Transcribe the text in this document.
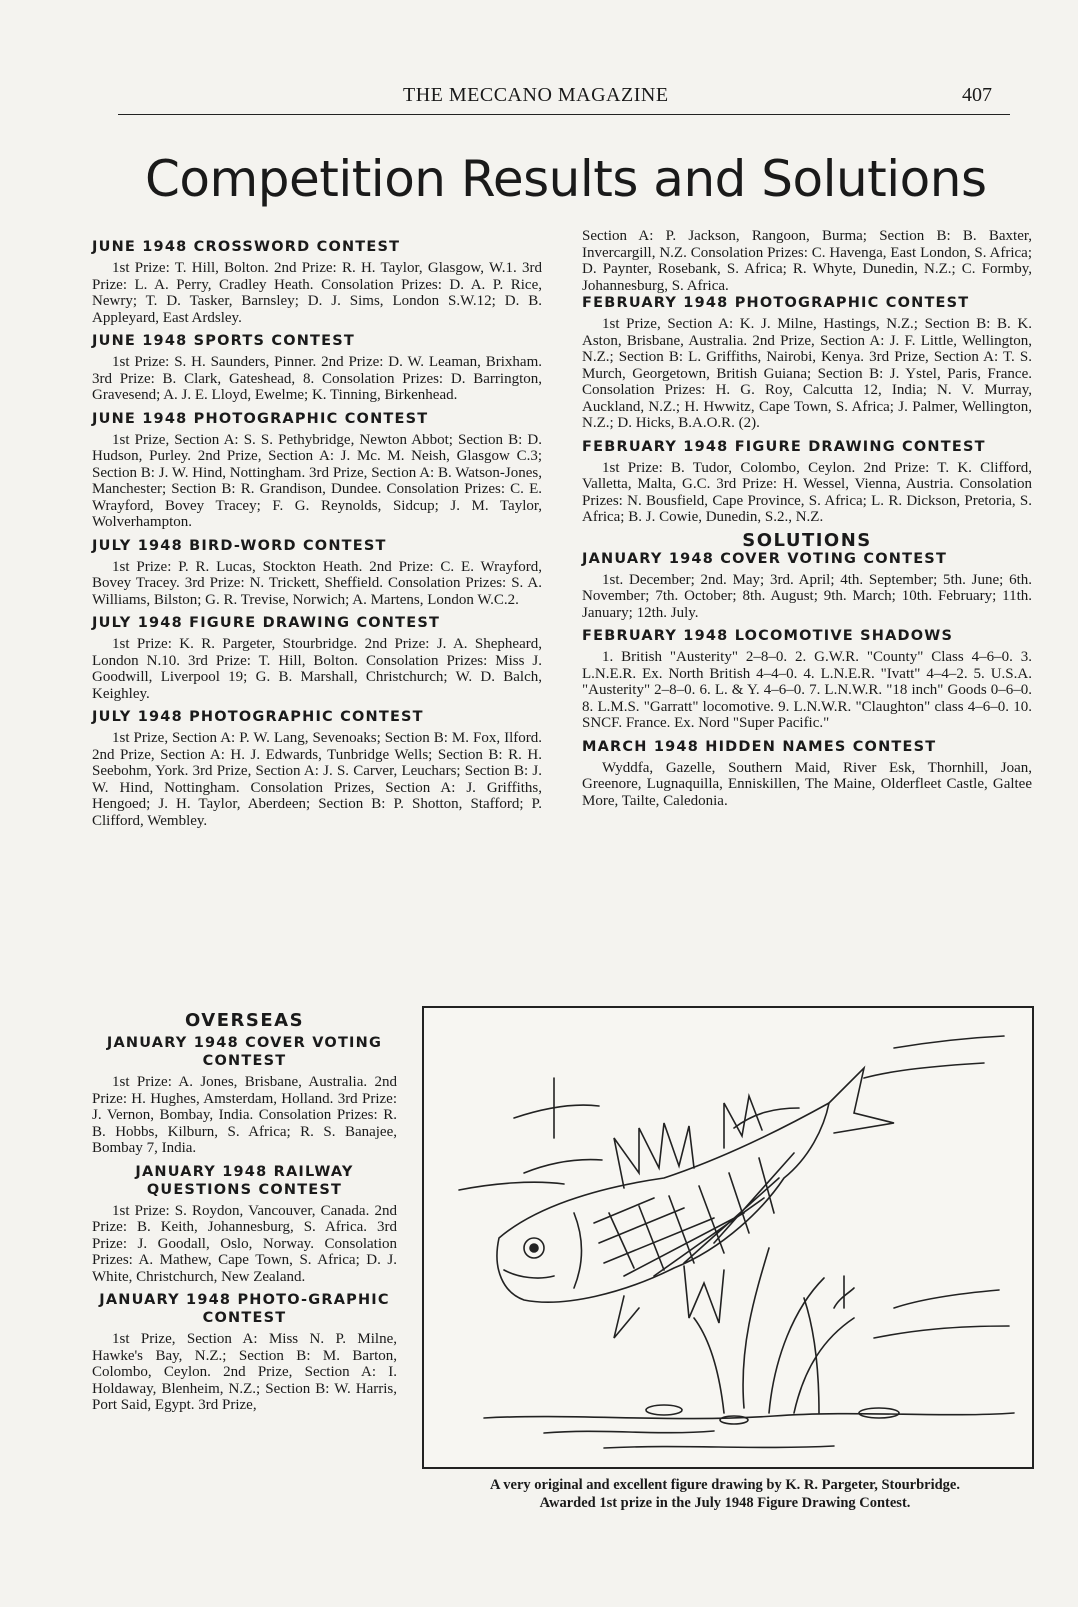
THE MECCANO MAGAZINE	407
Competition Results and Solutions
JUNE 1948 CROSSWORD CONTEST

1st Prize: T. Hill, Bolton. 2nd Prize: R. H. Taylor, Glasgow, W.1. 3rd Prize: L. A. Perry, Cradley Heath. Consolation Prizes: D. A. P. Rice, Newry; T. D. Tasker, Barnsley; D. J. Sims, London S.W.12; D. B. Appleyard, East Ardsley.

JUNE 1948 SPORTS CONTEST

1st Prize: S. H. Saunders, Pinner. 2nd Prize: D. W. Leaman, Brixham. 3rd Prize: B. Clark, Gateshead, 8. Consolation Prizes: D. Barrington, Gravesend; A. J. E. Lloyd, Ewelme; K. Tinning, Birkenhead.

JUNE 1948 PHOTOGRAPHIC CONTEST

1st Prize, Section A: S. S. Pethybridge, Newton Abbot; Section B: D. Hudson, Purley. 2nd Prize, Section A: J. Mc. M. Neish, Glasgow C.3; Section B: J. W. Hind, Nottingham. 3rd Prize, Section A: B. Watson-Jones, Manchester; Section B: R. Grandison, Dundee. Consolation Prizes: C. E. Wrayford, Bovey Tracey; F. G. Reynolds, Sidcup; J. M. Taylor, Wolverhampton.

JULY 1948 BIRD-WORD CONTEST

1st Prize: P. R. Lucas, Stockton Heath. 2nd Prize: C. E. Wrayford, Bovey Tracey. 3rd Prize: N. Trickett, Sheffield. Consolation Prizes: S. A. Williams, Bilston; G. R. Trevise, Norwich; A. Martens, London W.C.2.

JULY 1948 FIGURE DRAWING CONTEST

1st Prize: K. R. Pargeter, Stourbridge. 2nd Prize: J. A. Shepheard, London N.10. 3rd Prize: T. Hill, Bolton. Consolation Prizes: Miss J. Goodwill, Liverpool 19; G. B. Marshall, Christchurch; W. D. Balch, Keighley.

JULY 1948 PHOTOGRAPHIC CONTEST

1st Prize, Section A: P. W. Lang, Sevenoaks; Section B: M. Fox, Ilford. 2nd Prize, Section A: H. J. Edwards, Tunbridge Wells; Section B: R. H. Seebohm, York. 3rd Prize, Section A: J. S. Carver, Leuchars; Section B: J. W. Hind, Nottingham. Consolation Prizes, Section A: J. Griffiths, Hengoed; J. H. Taylor, Aberdeen; Section B: P. Shotton, Stafford; P. Clifford, Wembley.

OVERSEAS
JANUARY 1948 COVER VOTING CONTEST

1st Prize: A. Jones, Brisbane, Australia. 2nd Prize: H. Hughes, Amsterdam, Holland. 3rd Prize: J. Vernon, Bombay, India. Consolation Prizes: R. B. Hobbs, Kilburn, S. Africa; R. S. Banajee, Bombay 7, India.

JANUARY 1948 RAILWAY QUESTIONS CONTEST

1st Prize: S. Roydon, Vancouver, Canada. 2nd Prize: B. Keith, Johannesburg, S. Africa. 3rd Prize: J. Goodall, Oslo, Norway. Consolation Prizes: A. Mathew, Cape Town, S. Africa; D. J. White, Christchurch, New Zealand.

JANUARY 1948 PHOTO-GRAPHIC CONTEST

1st Prize, Section A: Miss N. P. Milne, Hawke's Bay, N.Z.; Section B: M. Barton, Colombo, Ceylon. 2nd Prize, Section A: I. Holdaway, Blenheim, N.Z.; Section B: W. Harris, Port Said, Egypt. 3rd Prize,

Section A: P. Jackson, Rangoon, Burma; Section B: B. Baxter, Invercargill, N.Z. Consolation Prizes: C. Havenga, East London, S. Africa; D. Paynter, Rosebank, S. Africa; R. Whyte, Dunedin, N.Z.; C. Formby, Johannesburg, S. Africa.

FEBRUARY 1948 PHOTOGRAPHIC CONTEST

1st Prize, Section A: K. J. Milne, Hastings, N.Z.; Section B: B. K. Aston, Brisbane, Australia. 2nd Prize, Section A: J. F. Little, Wellington, N.Z.; Section B: L. Griffiths, Nairobi, Kenya. 3rd Prize, Section A: T. S. Murch, Georgetown, British Guiana; Section B: J. Ystel, Paris, France. Consolation Prizes: H. G. Roy, Calcutta 12, India; N. V. Murray, Auckland, N.Z.; H. Hwwitz, Cape Town, S. Africa; J. Palmer, Wellington, N.Z.; D. Hicks, B.A.O.R. (2).

FEBRUARY 1948 FIGURE DRAWING CONTEST

1st Prize: B. Tudor, Colombo, Ceylon. 2nd Prize: T. K. Clifford, Valletta, Malta, G.C. 3rd Prize: H. Wessel, Vienna, Austria. Consolation Prizes: N. Bousfield, Cape Province, S. Africa; L. R. Dickson, Pretoria, S. Africa; B. J. Cowie, Dunedin, S.2., N.Z.

SOLUTIONS
JANUARY 1948 COVER VOTING CONTEST

1st. December; 2nd. May; 3rd. April; 4th. September; 5th. June; 6th. November; 7th. October; 8th. August; 9th. March; 10th. February; 11th. January; 12th. July.

FEBRUARY 1948 LOCOMOTIVE SHADOWS

1. British "Austerity" 2–8–0. 2. G.W.R. "County" Class 4–6–0. 3. L.N.E.R. Ex. North British 4–4–0. 4. L.N.E.R. "Ivatt" 4–4–2. 5. U.S.A. "Austerity" 2–8–0. 6. L. & Y. 4–6–0. 7. L.N.W.R. "18 inch" Goods 0–6–0. 8. L.M.S. "Garratt" locomotive. 9. L.N.W.R. "Claughton" class 4–6–0. 10. SNCF. France. Ex. Nord "Super Pacific."

MARCH 1948 HIDDEN NAMES CONTEST

Wyddfa, Gazelle, Southern Maid, River Esk, Thornhill, Joan, Greenore, Lugnaquilla, Enniskillen, The Maine, Olderfleet Castle, Galtee More, Tailte, Caledonia.

A very original and excellent figure drawing by K. R. Pargeter, Stourbridge.
Awarded 1st prize in the July 1948 Figure Drawing Contest.
